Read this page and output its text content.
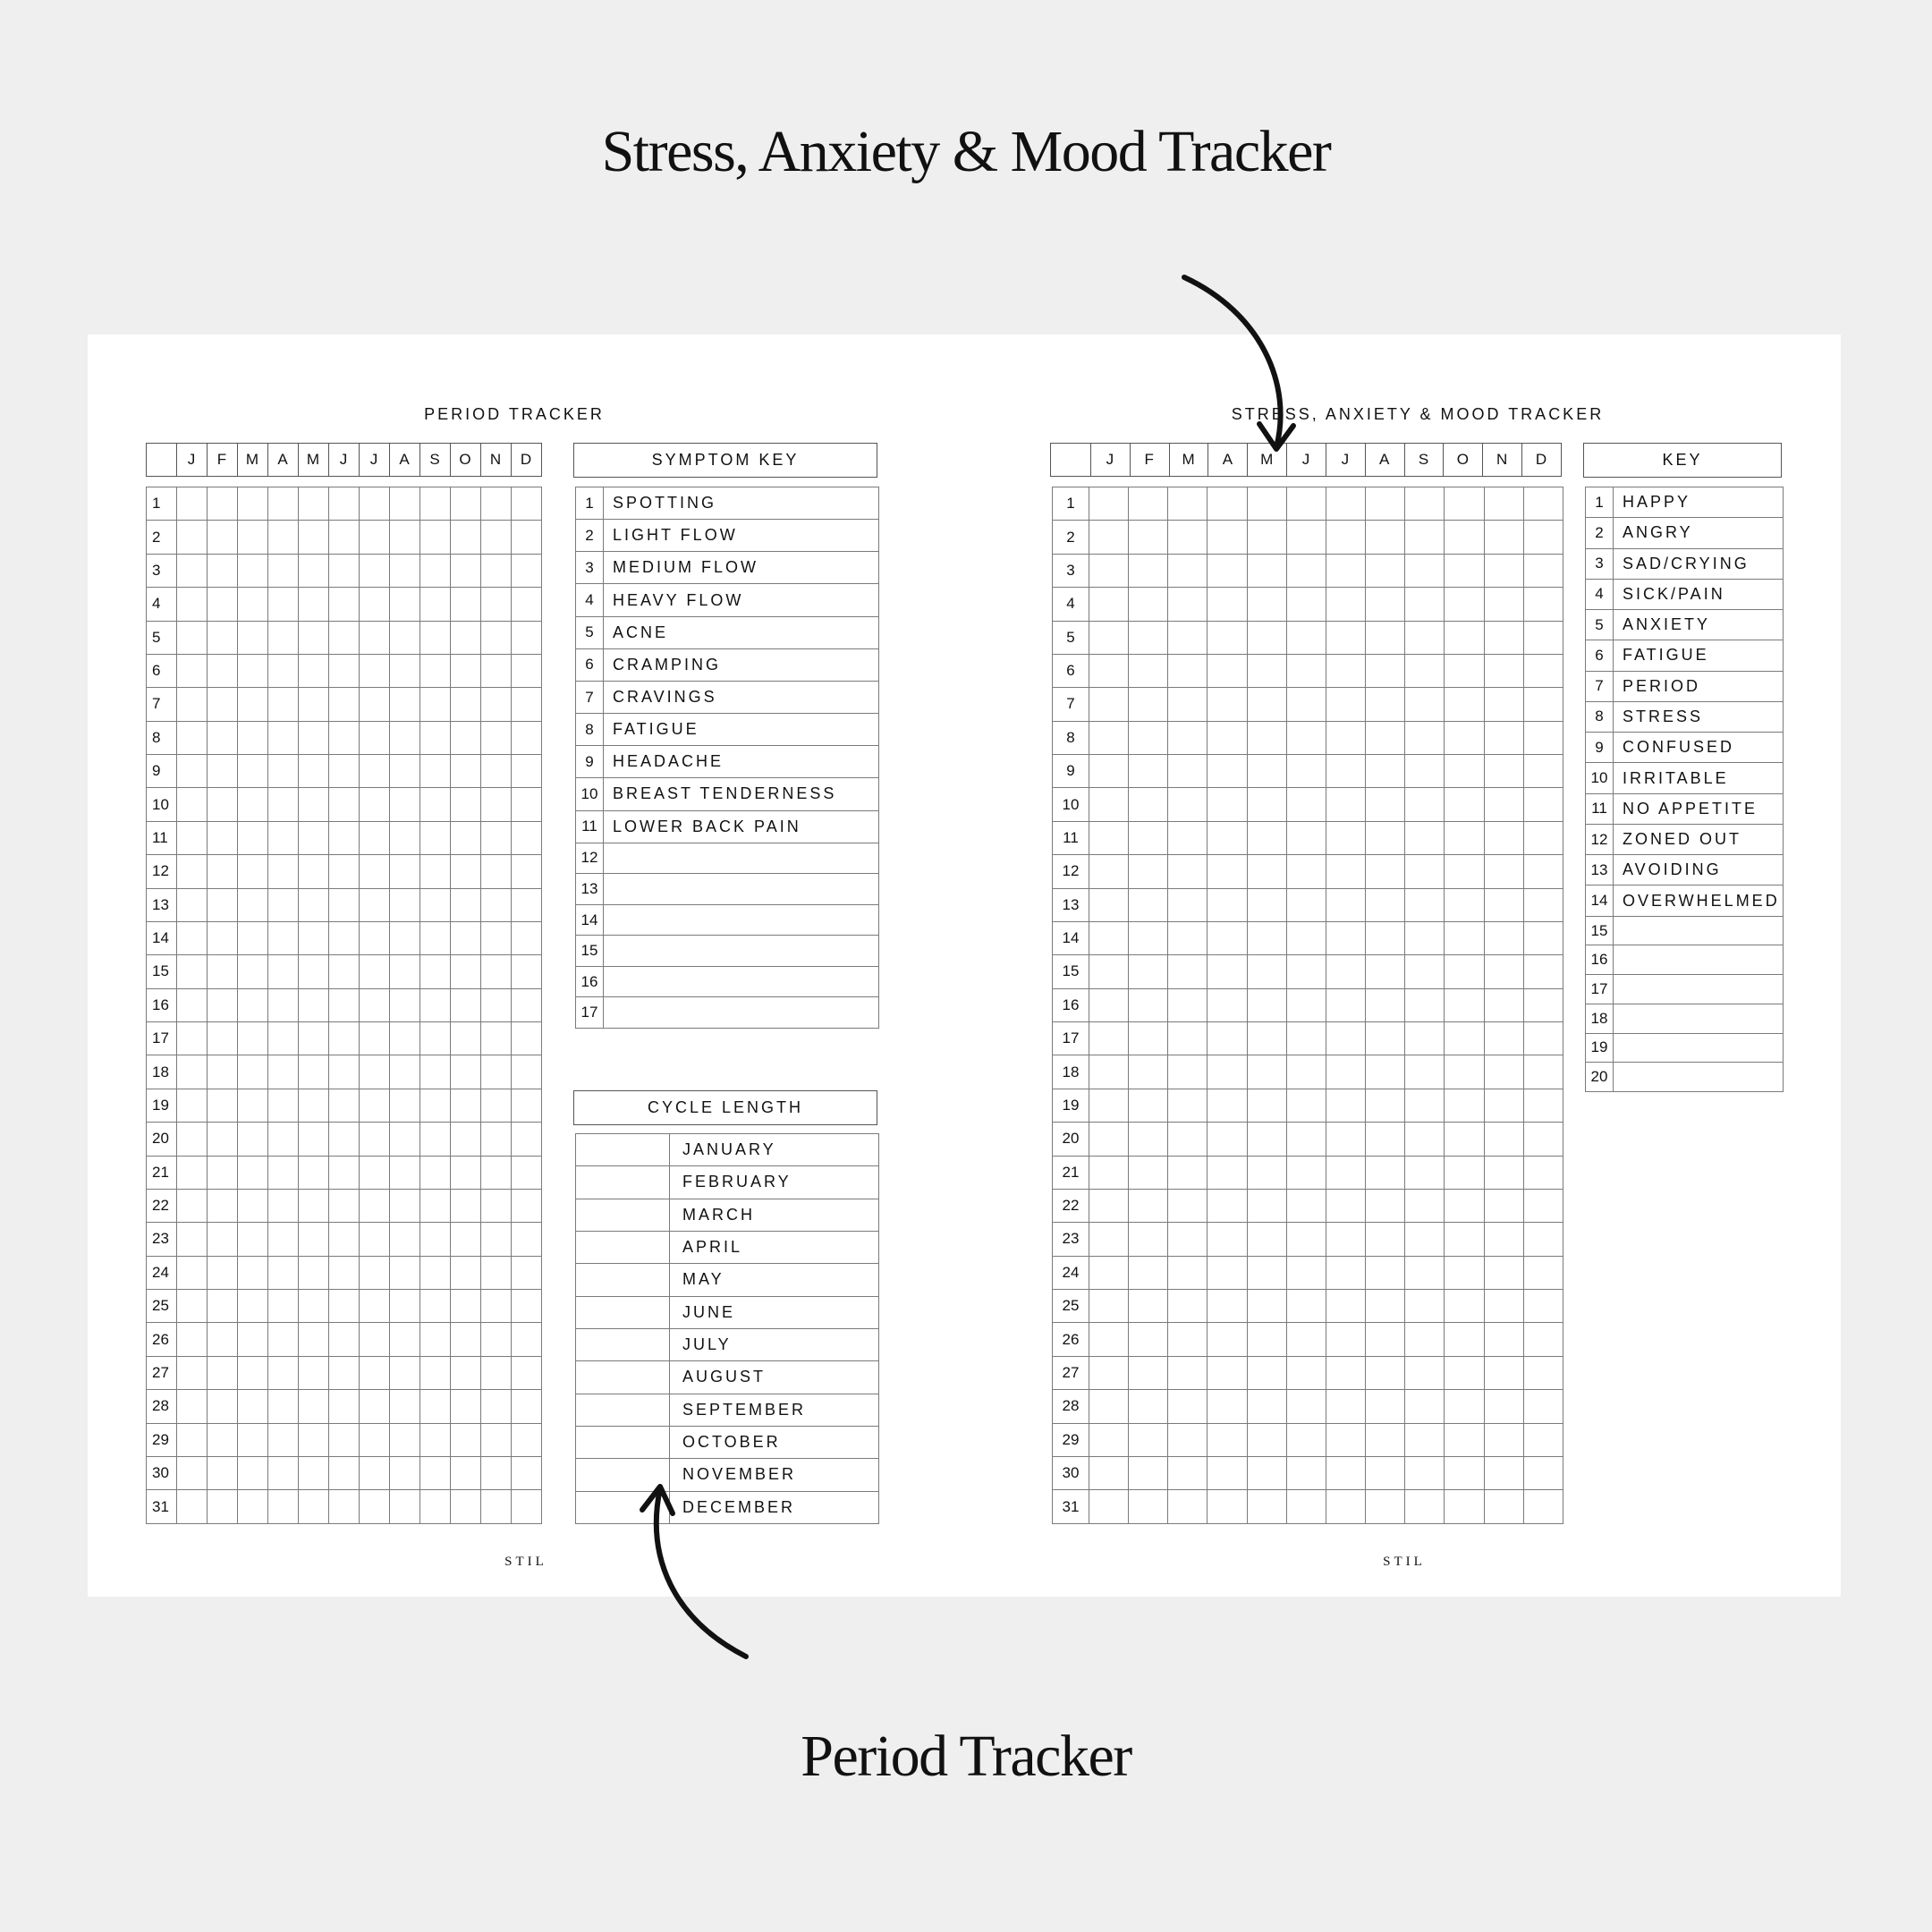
Stress, Anxiety & Mood Tracker
PERIOD TRACKER
	J	F	M	A	M	J	J	A	S	O	N	D
1												
2												
3												
4												
5												
6												
7												
8												
9												
10												
11												
12												
13												
14												
15												
16												
17												
18												
19												
20												
21												
22												
23												
24												
25												
26												
27												
28												
29												
30												
31												
SYMPTOM KEY
1	SPOTTING
2	LIGHT FLOW
3	MEDIUM FLOW
4	HEAVY FLOW
5	ACNE
6	CRAMPING
7	CRAVINGS
8	FATIGUE
9	HEADACHE
10	BREAST TENDERNESS
11	LOWER BACK PAIN
12	
13	
14	
15	
16	
17	
CYCLE LENGTH
	JANUARY
	FEBRUARY
	MARCH
	APRIL
	MAY
	JUNE
	JULY
	AUGUST
	SEPTEMBER
	OCTOBER
	NOVEMBER
	DECEMBER
STIL
STRESS, ANXIETY & MOOD TRACKER
	J	F	M	A	M	J	J	A	S	O	N	D
1												
2												
3												
4												
5												
6												
7												
8												
9												
10												
11												
12												
13												
14												
15												
16												
17												
18												
19												
20												
21												
22												
23												
24												
25												
26												
27												
28												
29												
30												
31												
KEY
1	HAPPY
2	ANGRY
3	SAD/CRYING
4	SICK/PAIN
5	ANXIETY
6	FATIGUE
7	PERIOD
8	STRESS
9	CONFUSED
10	IRRITABLE
11	NO APPETITE
12	ZONED OUT
13	AVOIDING
14	OVERWHELMED
15	
16	
17	
18	
19	
20	
STIL
Period Tracker
